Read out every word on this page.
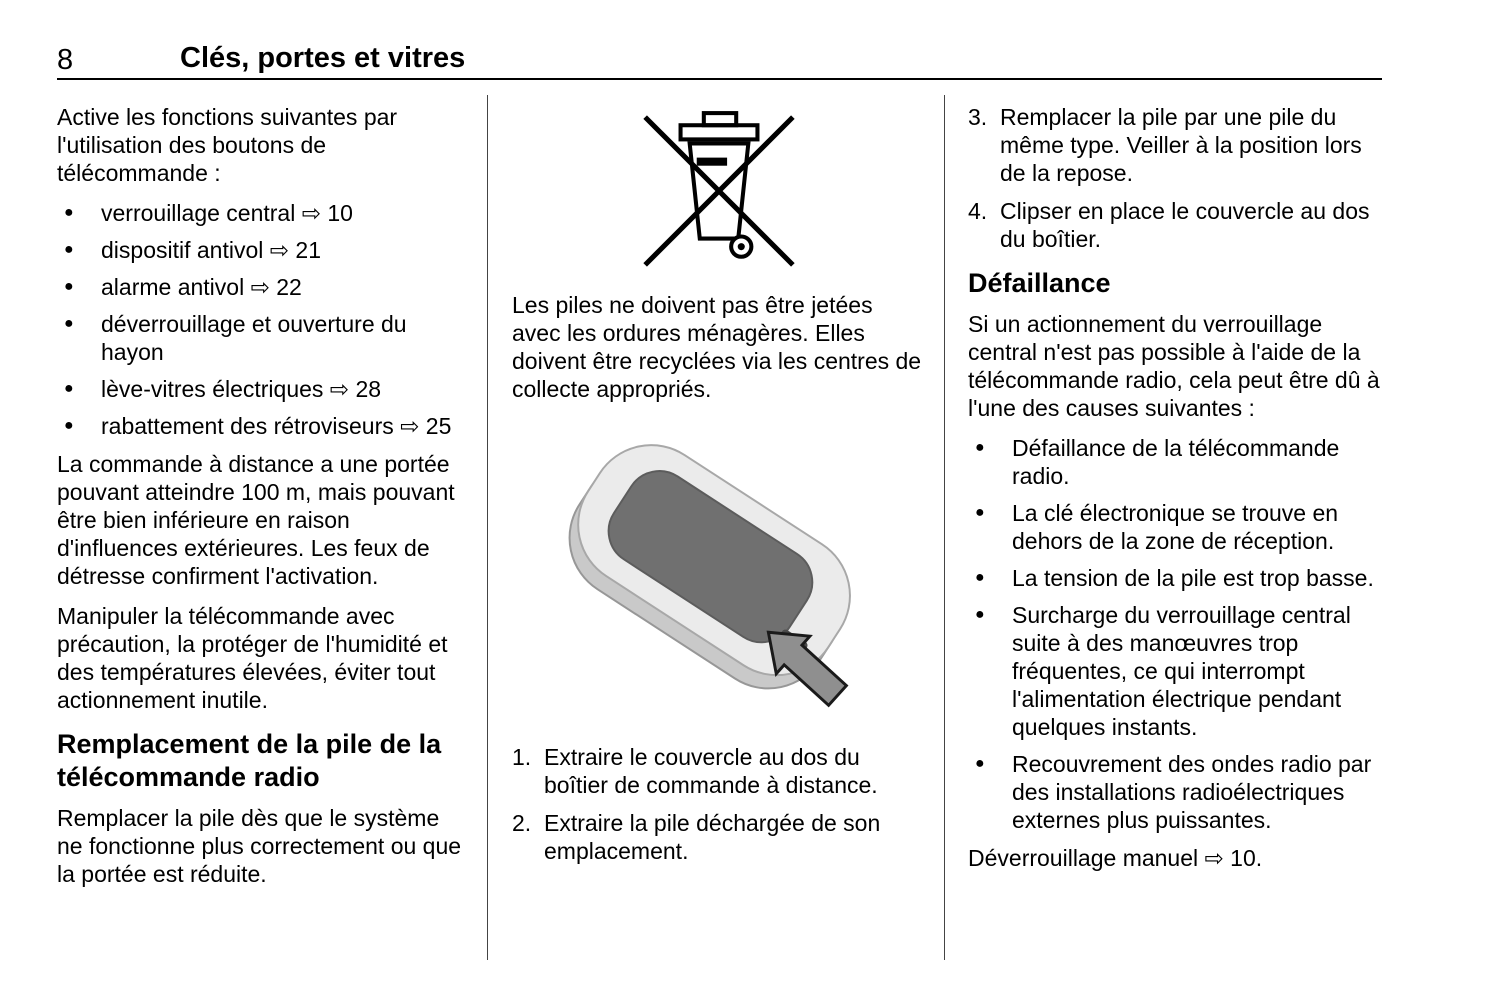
8	Clés, portes et vitres

Active les fonctions suivantes par l'utilisation des boutons de télécommande :

●
verrouillage central ⇨ 10
●
dispositif antivol ⇨ 21
●
alarme antivol ⇨ 22
●
déverrouillage et ouverture du hayon
●
lève-vitres électriques ⇨ 28
●
rabattement des rétroviseurs ⇨ 25

La commande à distance a une portée pouvant atteindre 100 m, mais pouvant être bien inférieure en raison d'influences extérieures. Les feux de détresse confirment l'activation.

Manipuler la télécommande avec précaution, la protéger de l'humidité et des températures élevées, éviter tout actionnement inutile.

Remplacement de la pile de la télécommande radio

Remplacer la pile dès que le système ne fonctionne plus correctement ou que la portée est réduite.

Les piles ne doivent pas être jetées avec les ordures ménagères. Elles doivent être recyclées via les centres de collecte appropriés.

1. Extraire le couvercle au dos du boîtier de commande à distance.
2. Extraire la pile déchargée de son emplacement.
3. Remplacer la pile par une pile du même type. Veiller à la position lors de la repose.
4. Clipser en place le couvercle au dos du boîtier.
Défaillance

Si un actionnement du verrouillage central n'est pas possible à l'aide de la télécommande radio, cela peut être dû à l'une des causes suivantes :

●
Défaillance de la télécommande radio.
●
La clé électronique se trouve en dehors de la zone de réception.
●
La tension de la pile est trop basse.
●
Surcharge du verrouillage central suite à des manœuvres trop fréquentes, ce qui interrompt l'alimentation électrique pendant quelques instants.
●
Recouvrement des ondes radio par des installations radioélectriques externes plus puissantes.

Déverrouillage manuel ⇨ 10.
